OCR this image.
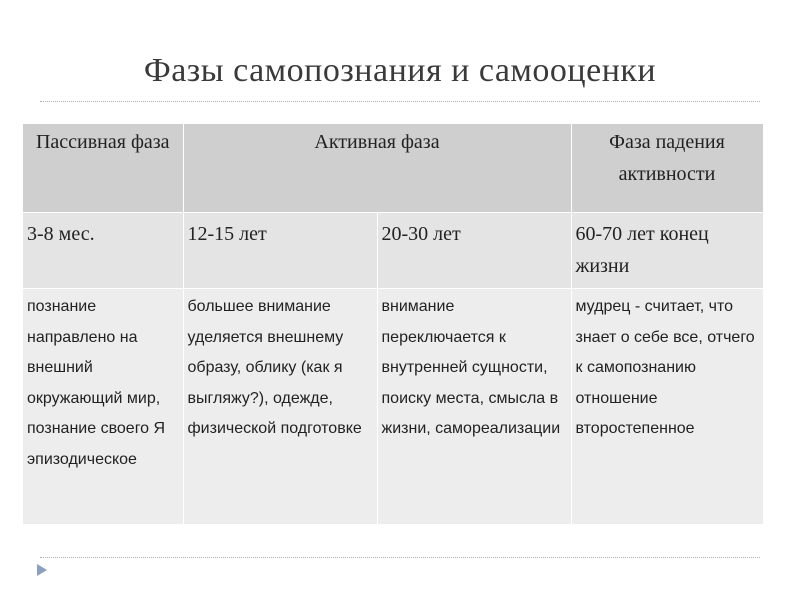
Фазы самопознания и самооценки
Пассивная фаза	Активная фаза		Фаза падения активности
3-8 мес.	12-15 лет	20-30 лет	60-70 лет конец жизни
познание направлено на внешний окружающий мир, познание своего Я эпизодическое	большее внимание уделяется внешнему образу, облику (как я выгляжу?), одежде, физической подготовке	внимание переключается к внутренней сущности, поиску места, смысла в жизни, самореализации	мудрец - считает, что знает о себе все, отчего к самопознанию отношение второстепенное
